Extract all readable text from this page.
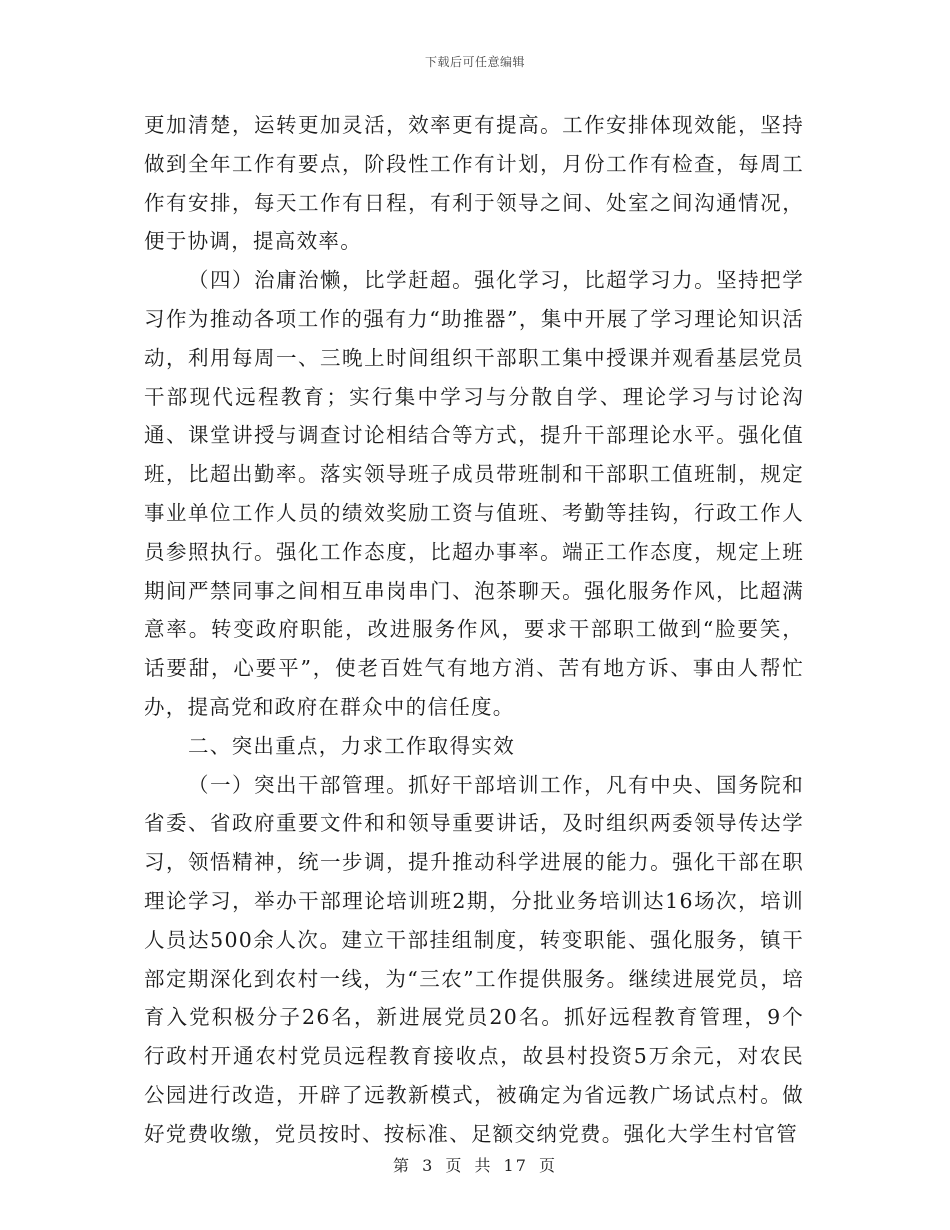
下载后可任意编辑

更加清楚，运转更加灵活，效率更有提高。工作安排体现效能，坚持做到全年工作有要点，阶段性工作有计划，月份工作有检查，每周工作有安排，每天工作有日程，有利于领导之间、处室之间沟通情况，便于协调，提高效率。

（四）治庸治懒，比学赶超。强化学习，比超学习力。坚持把学习作为推动各项工作的强有力“助推器”，集中开展了学习理论知识活动，利用每周一、三晚上时间组织干部职工集中授课并观看基层党员干部现代远程教育；实行集中学习与分散自学、理论学习与讨论沟通、课堂讲授与调查讨论相结合等方式，提升干部理论水平。强化值班，比超出勤率。落实领导班子成员带班制和干部职工值班制，规定事业单位工作人员的绩效奖励工资与值班、考勤等挂钩，行政工作人员参照执行。强化工作态度，比超办事率。端正工作态度，规定上班期间严禁同事之间相互串岗串门、泡茶聊天。强化服务作风，比超满意率。转变政府职能，改进服务作风，要求干部职工做到“脸要笑，话要甜，心要平”，使老百姓气有地方消、苦有地方诉、事由人帮忙办，提高党和政府在群众中的信任度。

二、突出重点，力求工作取得实效

（一）突出干部管理。抓好干部培训工作，凡有中央、国务院和省委、省政府重要文件和和领导重要讲话，及时组织两委领导传达学习，领悟精神，统一步调，提升推动科学进展的能力。强化干部在职理论学习，举办干部理论培训班2期，分批业务培训达16场次，培训人员达500余人次。建立干部挂组制度，转变职能、强化服务，镇干部定期深化到农村一线，为“三农”工作提供服务。继续进展党员，培育入党积极分子26名，新进展党员20名。抓好远程教育管理，9个行政村开通农村党员远程教育接收点，故县村投资5万余元，对农民公园进行改造，开辟了远教新模式，被确定为省远教广场试点村。做好党费收缴，党员按时、按标准、足额交纳党费。强化大学生村官管

第 3 页 共 17 页
